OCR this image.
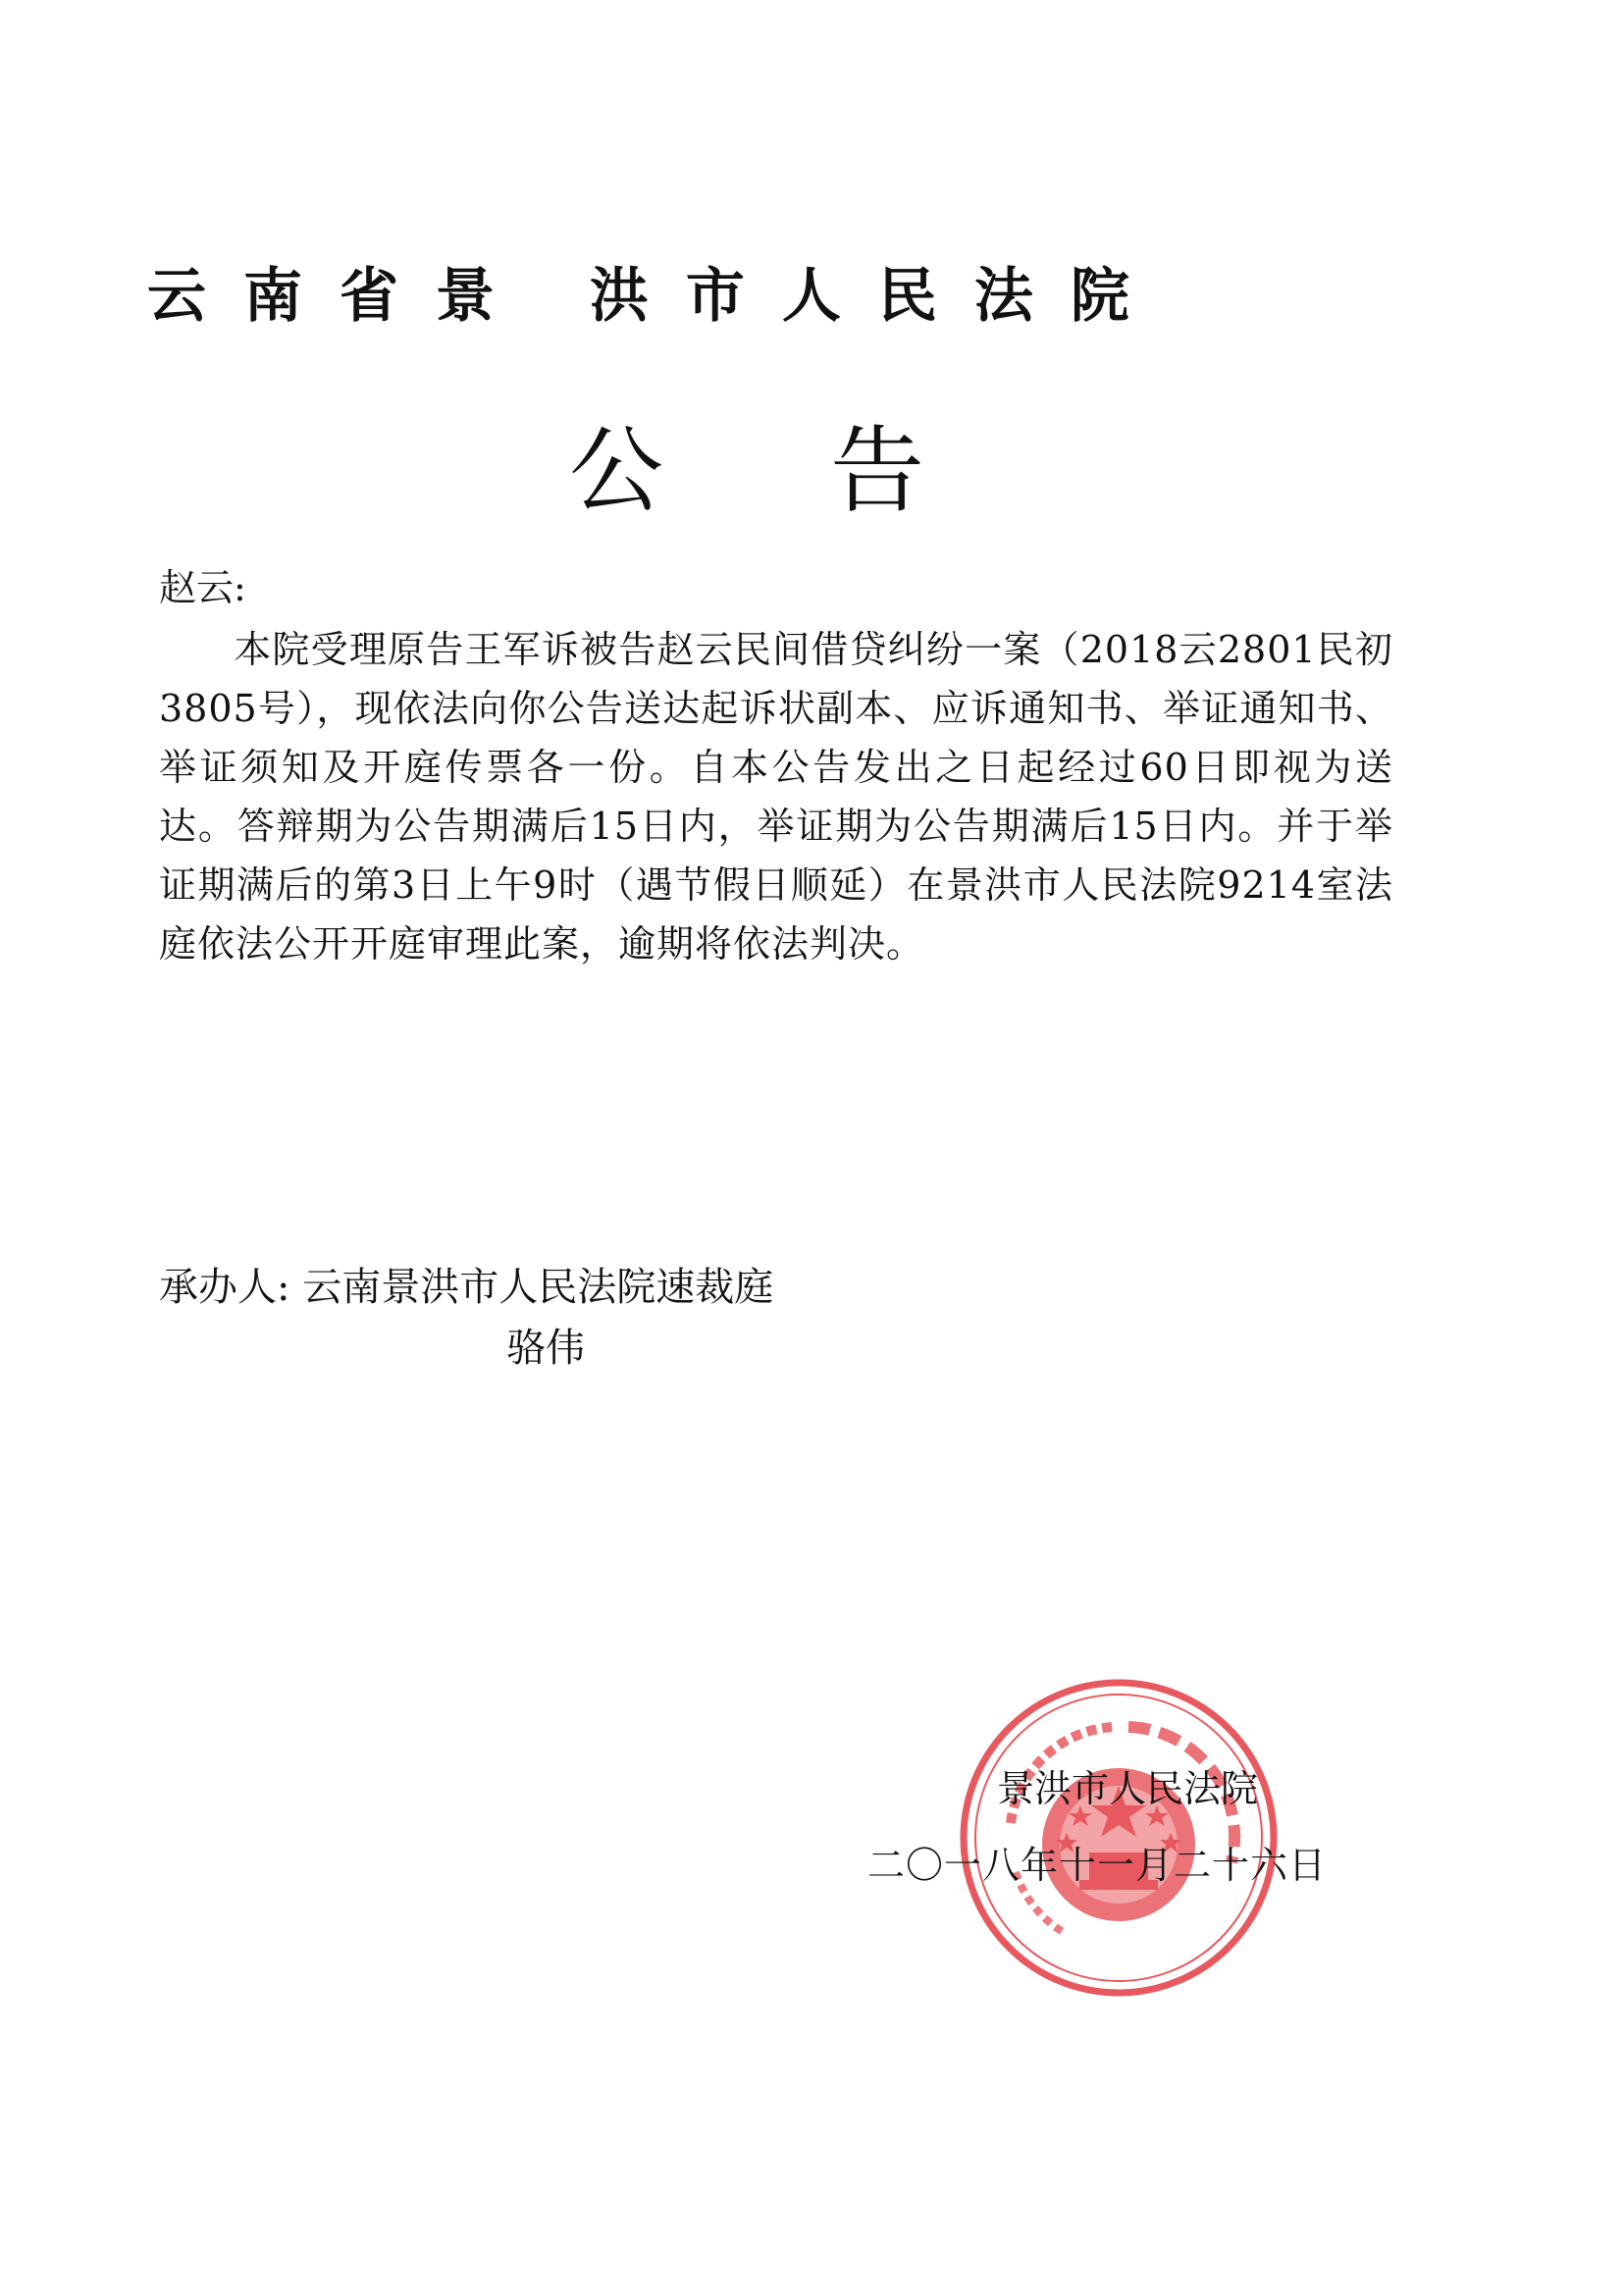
云南省景 洪市人民法院
公告
赵云:
本院受理原告王军诉被告赵云民间借贷纠纷一案（2018云2801民初3805号），现依法向你公告送达起诉状副本、应诉通知书、举证通知书、举证须知及开庭传票各一份。自本公告发出之日起经过60日即视为送达。答辩期为公告期满后15日内，举证期为公告期满后15日内。并于举证期满后的第3日上午9时（遇节假日顺延）在景洪市人民法院9214室法庭依法公开开庭审理此案，逾期将依法判决。
承办人: 云南景洪市人民法院速裁庭
骆伟
景洪市人民法院
二〇一八年十一月二十六日
